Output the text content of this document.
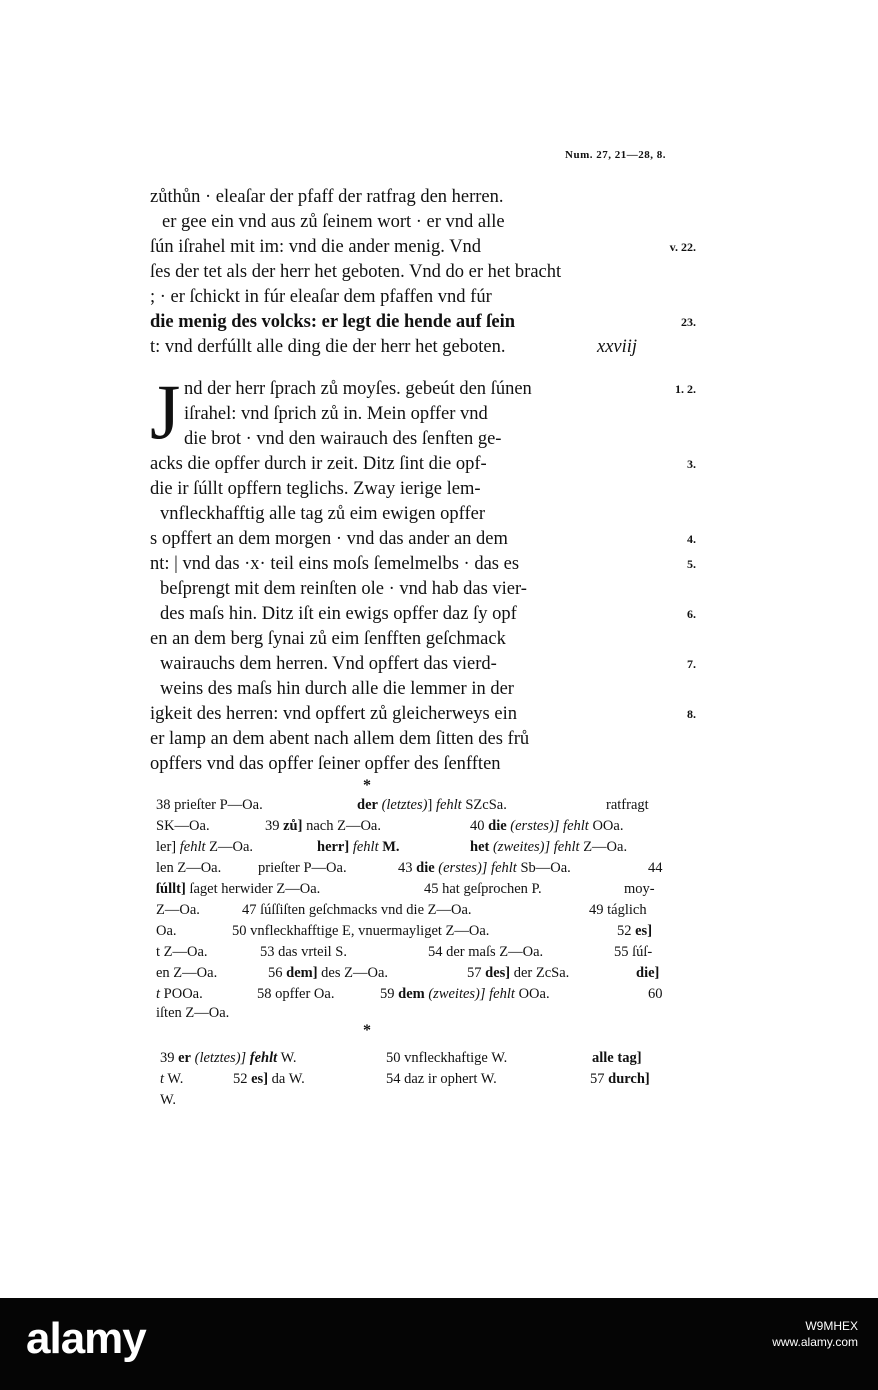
Num. 27, 21—28, 8.
zůthůn · eleaſar der pfaff der ratfrag den herren.
er gee ein vnd aus zů ſeinem wort · er vnd alle
ſún iſrahel mit im: vnd die ander menig. Vnd
ſes der tet als der herr het geboten. Vnd do er het bracht
; · er ſchickt in fúr eleaſar dem pfaffen vnd fúr
die menig des volcks: er legt die hende auf ſein
t: vnd derfúllt alle ding die der herr het geboten.	xxviij
v. 22.
23.
J nd der herr ſprach zů moyſes. gebeút den ſúnen
iſrahel: vnd ſprich zů in. Mein opffer vnd
die brot · vnd den wairauch des ſenften ge-
acks die opffer durch ir zeit. Ditz ſint die opf-
die ir ſúllt opffern teglichs. Zway ierige lem-
vnfleckhafftig alle tag zů eim ewigen opffer
s opffert an dem morgen · vnd das ander an dem
nt: | vnd das ·x· teil eins moſs ſemelmelbs · das es
beſprengt mit dem reinſten ole · vnd hab das vier-
des maſs hin. Ditz iſt ein ewigs opffer daz ſy opf
en an dem berg ſynai zů eim ſenfften geſchmack
wairauchs dem herren. Vnd opffert das vierd-
weins des maſs hin durch alle die lemmer in der
igkeit des herren: vnd opffert zů gleicherweys ein
er lamp an dem abent nach allem dem ſitten des frů
opffers vnd das opffer ſeiner opffer des ſenfften
1. 2.
3.
4.
5.
6.
7.
8.
*
38 prieſter P—Oa.	der (letztes)] fehlt SZcSa.	ratfragt
SK—Oa.	39 zů] nach Z—Oa.	40 die (erstes)] fehlt OOa.
ler] fehlt Z—Oa.	herr] fehlt M.	het (zweites)] fehlt Z—Oa.
len Z—Oa.	prieſter P—Oa.	43 die (erstes)] fehlt Sb—Oa.	44
ſúllt] ſaget herwider Z—Oa.	45 hat geſprochen P.	moy-
Z—Oa.	47 ſúſſiſten geſchmacks vnd die Z—Oa.	49 táglich
Oa.	50 vnfleckhafftige E, vnuermayliget Z—Oa.	52 es]
t Z—Oa.	53 das vrteil S.	54 der maſs Z—Oa.	55 ſúſ-
en Z—Oa.	56 dem] des Z—Oa.	57 des] der ZcSa.	die]
t POOa.	58 opffer Oa.	59 dem (zweites)] fehlt OOa.	60
iſten Z—Oa.
*
39 er (letztes)] fehlt W.	50 vnfleckhaftige W.	alle tag]
t W.	52 es] da W.	54 daz ir ophert W.	57 durch]
W.
alamy	W9MHEX
www.alamy.com
